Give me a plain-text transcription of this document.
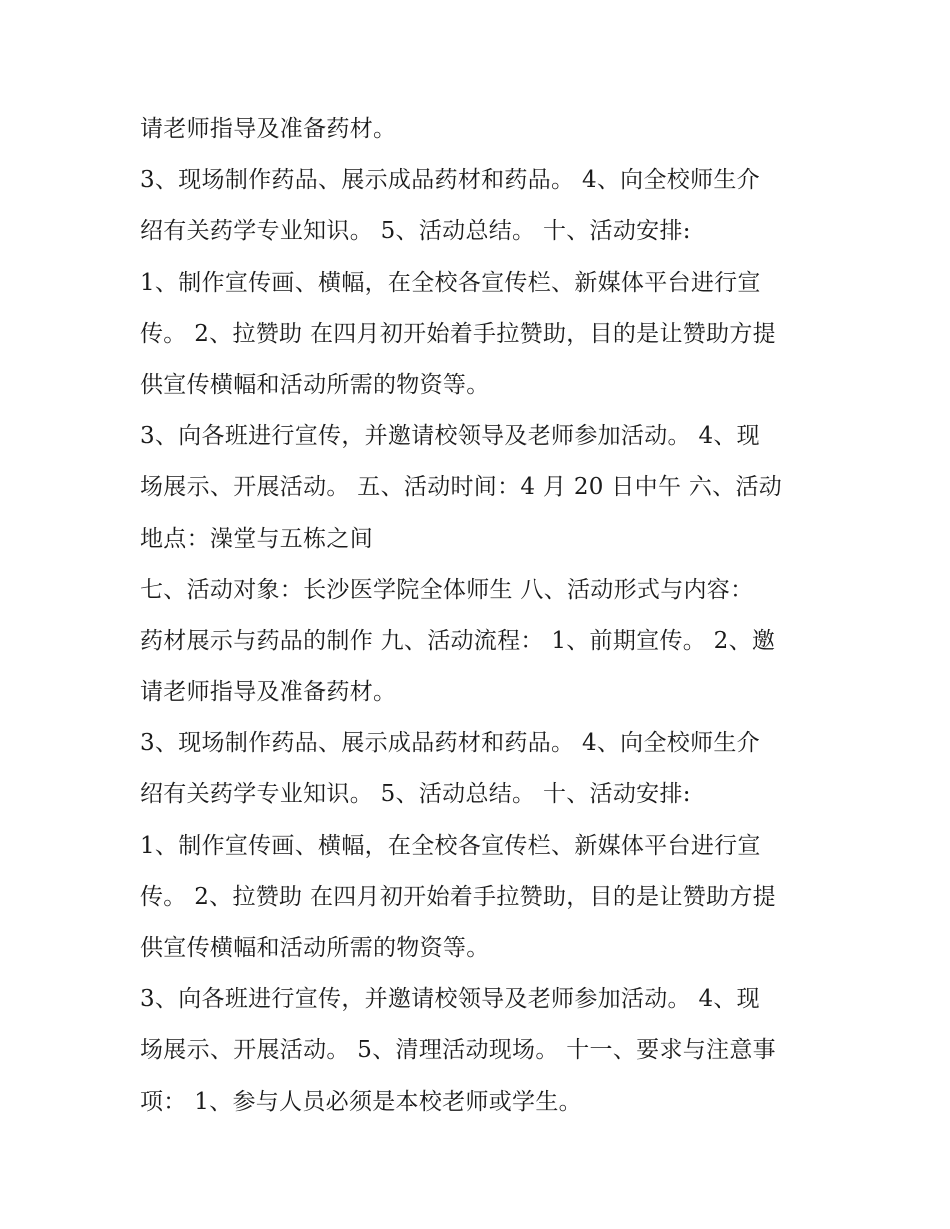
请老师指导及准备药材。

3、现场制作药品、展示成品药材和药品。 4、向全校师生介

绍有关药学专业知识。 5、活动总结。 十、活动安排:

1、制作宣传画、横幅，在全校各宣传栏、新媒体平台进行宣

传。 2、拉赞助 在四月初开始着手拉赞助，目的是让赞助方提

供宣传横幅和活动所需的物资等。

3、向各班进行宣传，并邀请校领导及老师参加活动。 4、现

场展示、开展活动。 五、活动时间：4 月 20 日中午 六、活动

地点：澡堂与五栋之间

七、活动对象：长沙医学院全体师生 八、活动形式与内容：

药材展示与药品的制作 九、活动流程： 1、前期宣传。 2、邀

请老师指导及准备药材。

3、现场制作药品、展示成品药材和药品。 4、向全校师生介

绍有关药学专业知识。 5、活动总结。 十、活动安排:

1、制作宣传画、横幅，在全校各宣传栏、新媒体平台进行宣

传。 2、拉赞助 在四月初开始着手拉赞助，目的是让赞助方提

供宣传横幅和活动所需的物资等。

3、向各班进行宣传，并邀请校领导及老师参加活动。 4、现

场展示、开展活动。 5、清理活动现场。 十一、要求与注意事

项： 1、参与人员必须是本校老师或学生。
